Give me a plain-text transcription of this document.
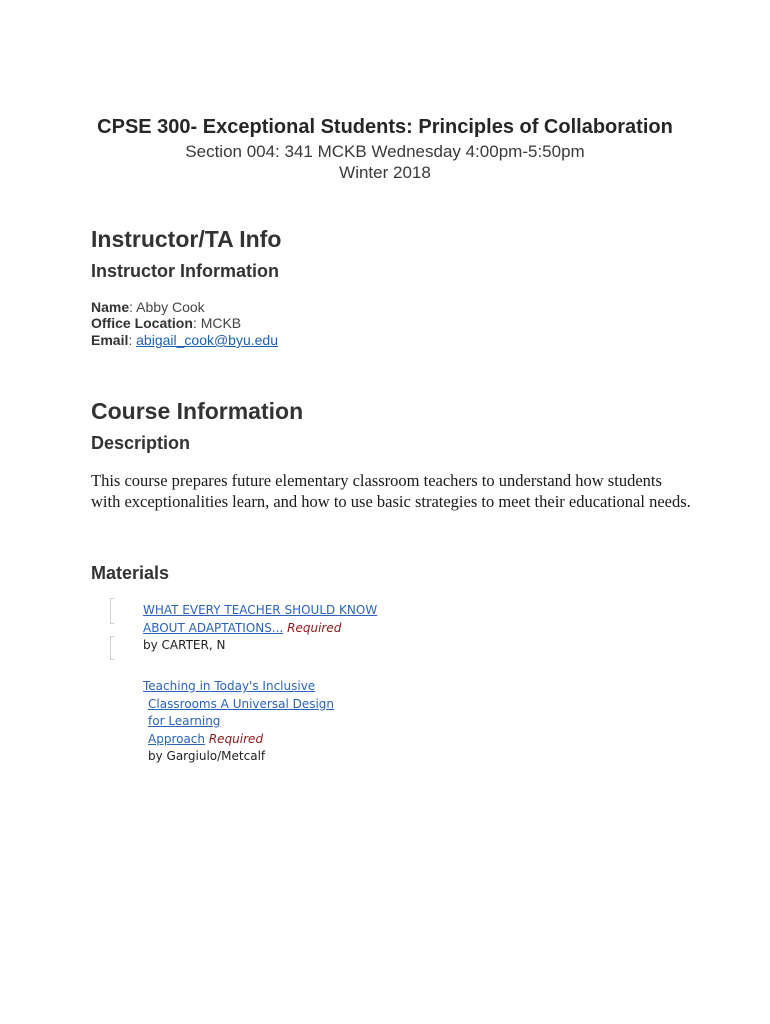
CPSE 300- Exceptional Students: Principles of Collaboration
Section 004: 341 MCKB Wednesday 4:00pm-5:50pm
Winter 2018
Instructor/TA Info
Instructor Information
Name: Abby Cook
Office Location: MCKB
Email: abigail_cook@byu.edu
Course Information
Description
This course prepares future elementary classroom teachers to understand how students with exceptionalities learn, and how to use basic strategies to meet their educational needs.
Materials
WHAT EVERY TEACHER SHOULD KNOW
ABOUT ADAPTATIONS... Required
by CARTER, N
Teaching in Today's Inclusive
Classrooms A Universal Design
for Learning
Approach Required
by Gargiulo/Metcalf
